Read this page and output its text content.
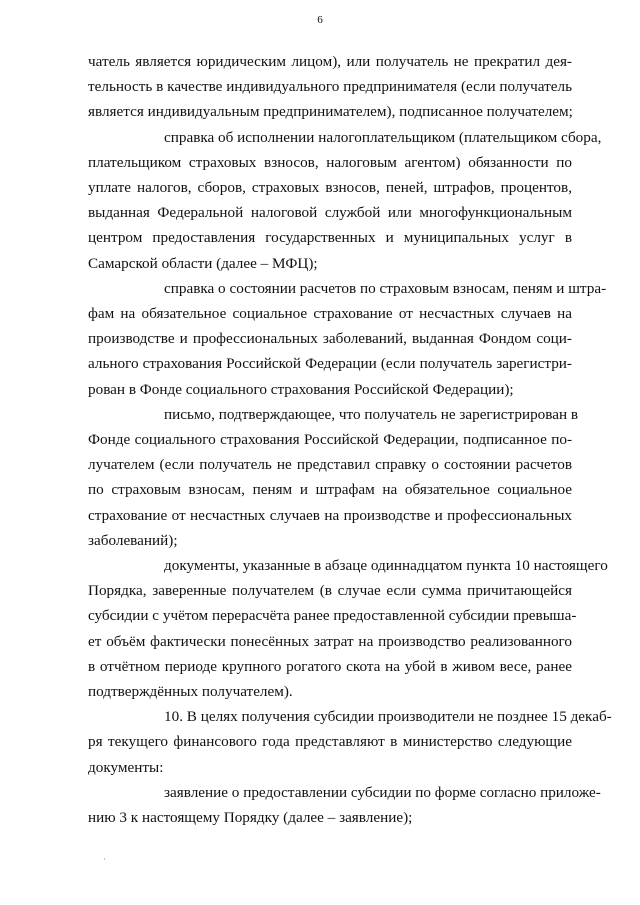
6

чатель является юридическим лицом), или получатель не прекратил дея-
тельность в качестве индивидуального предпринимателя (если получатель
является индивидуальным предпринимателем), подписанное получателем;

справка об исполнении налогоплательщиком (плательщиком сбора,
плательщиком страховых взносов, налоговым агентом) обязанности по
уплате налогов, сборов, страховых взносов, пеней, штрафов, процентов,
выданная Федеральной налоговой службой или многофункциональным
центром предоставления государственных и муниципальных услуг в
Самарской области (далее – МФЦ);

справка о состоянии расчетов по страховым взносам, пеням и штра-
фам на обязательное социальное страхование от несчастных случаев на
производстве и профессиональных заболеваний, выданная Фондом соци-
ального страхования Российской Федерации (если получатель зарегистри-
рован в Фонде социального страхования Российской Федерации);

письмо, подтверждающее, что получатель не зарегистрирован в
Фонде социального страхования Российской Федерации, подписанное по-
лучателем (если получатель не представил справку о состоянии расчетов
по страховым взносам, пеням и штрафам на обязательное социальное
страхование от несчастных случаев на производстве и профессиональных
заболеваний);

документы, указанные в абзаце одиннадцатом пункта 10 настоящего
Порядка, заверенные получателем (в случае если сумма причитающейся
субсидии с учётом перерасчёта ранее предоставленной субсидии превыша-
ет объём фактически понесённых затрат на производство реализованного
в отчётном периоде крупного рогатого скота на убой в живом весе, ранее
подтверждённых получателем).

10. В целях получения субсидии производители не позднее 15 декаб-
ря текущего финансового года представляют в министерство следующие
документы:

заявление о предоставлении субсидии по форме согласно приложе-
нию 3 к настоящему Порядку (далее – заявление);

·
